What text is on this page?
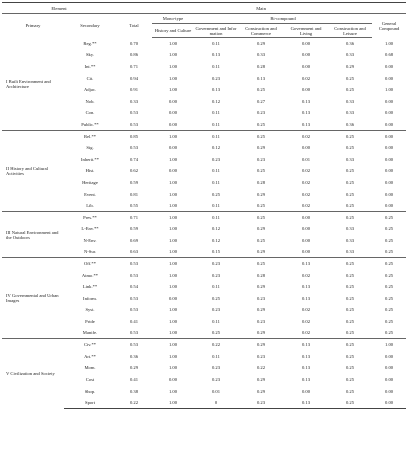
Element		Main						
Primary	Secondary	Total	Mono-type	Bi-compound				General Compound
			History and Culture	Government and Infor mation	Construction and Commerce	Government and Living	Construction and Leisure	
I Built Environment and Architecture	Reg.**	0.70	1.00	0.11	0.29	0.00	0.36	1.00
	Sky.	0.86	1.00	0.13	0.33	0.00	0.33	0.68
	Int.**	0.71	1.00	0.11	0.28	0.00	0.29	0.00
	Cit.	0.94	1.00	0.23	0.13	0.02	0.25	0.00
	Adjac.	0.91	1.00	0.13	0.25	0.00	0.25	1.00
	Nob.	0.33	0.00	0.12	0.27	0.13	0.33	0.00
	Con.	0.53	0.00	0.11	0.23	0.13	0.33	0.00
	Public.**	0.53	0.00	0.11	0.25	0.13	0.36	0.00
II History and Cultural Activities	Rel.**	0.85	1.00	0.11	0.25	0.02	0.25	0.00
	Sig.	0.53	0.00	0.12	0.29	0.00	0.25	0.00
	Inherit.**	0.74	1.00	0.23	0.23	0.01	0.33	0.00
	Hist.	0.62	0.00	0.11	0.25	0.02	0.25	0.00
	Heritage	0.59	1.00	0.11	0.28	0.02	0.25	0.00
	Event.	0.81	1.00	0.25	0.29	0.02	0.25	0.00
	Lib.	0.55	1.00	0.11	0.25	0.02	0.25	0.00
III Natural Environment and the Outdoors	Pres.**	0.71	1.00	0.11	0.25	0.00	0.25	0.25
	L-Env.**	0.59	1.00	0.12	0.29	0.00	0.33	0.25
	N-Env.	0.69	1.00	0.12	0.25	0.00	0.33	0.25
	N-Sur.	0.63	1.00	0.15	0.29	0.00	0.33	0.25
IV Governmental and Urban Images	Off.**	0.53	1.00	0.23	0.25	0.13	0.25	0.25
	Atmo.**	0.53	1.00	0.23	0.28	0.02	0.25	0.25
	Link.**	0.54	1.00	0.11	0.29	0.13	0.25	0.25
	Inform.	0.53	0.00	0.25	0.23	0.13	0.25	0.25
	Syst.	0.53	1.00	0.23	0.29	0.02	0.25	0.25
	Pride	0.41	1.00	0.11	0.23	0.02	0.25	0.25
	Manife.	0.53	1.00	0.25	0.29	0.02	0.25	0.25
V Civilization and Society	Civ.**	0.53	1.00	0.22	0.29	0.13	0.25	1.00
	Art.**	0.36	1.00	0.11	0.23	0.13	0.25	0.00
	Mom.	0.29	1.00	0.23	0.22	0.13	0.25	0.00
	Cost	0.41	0.00	0.23	0.29	0.13	0.25	0.00
	Shop.	0.38	1.00	0.01	0.29	0.00	0.25	0.00
	Sport	0.22	1.00	0	0.23	0.13	0.25	0.00
